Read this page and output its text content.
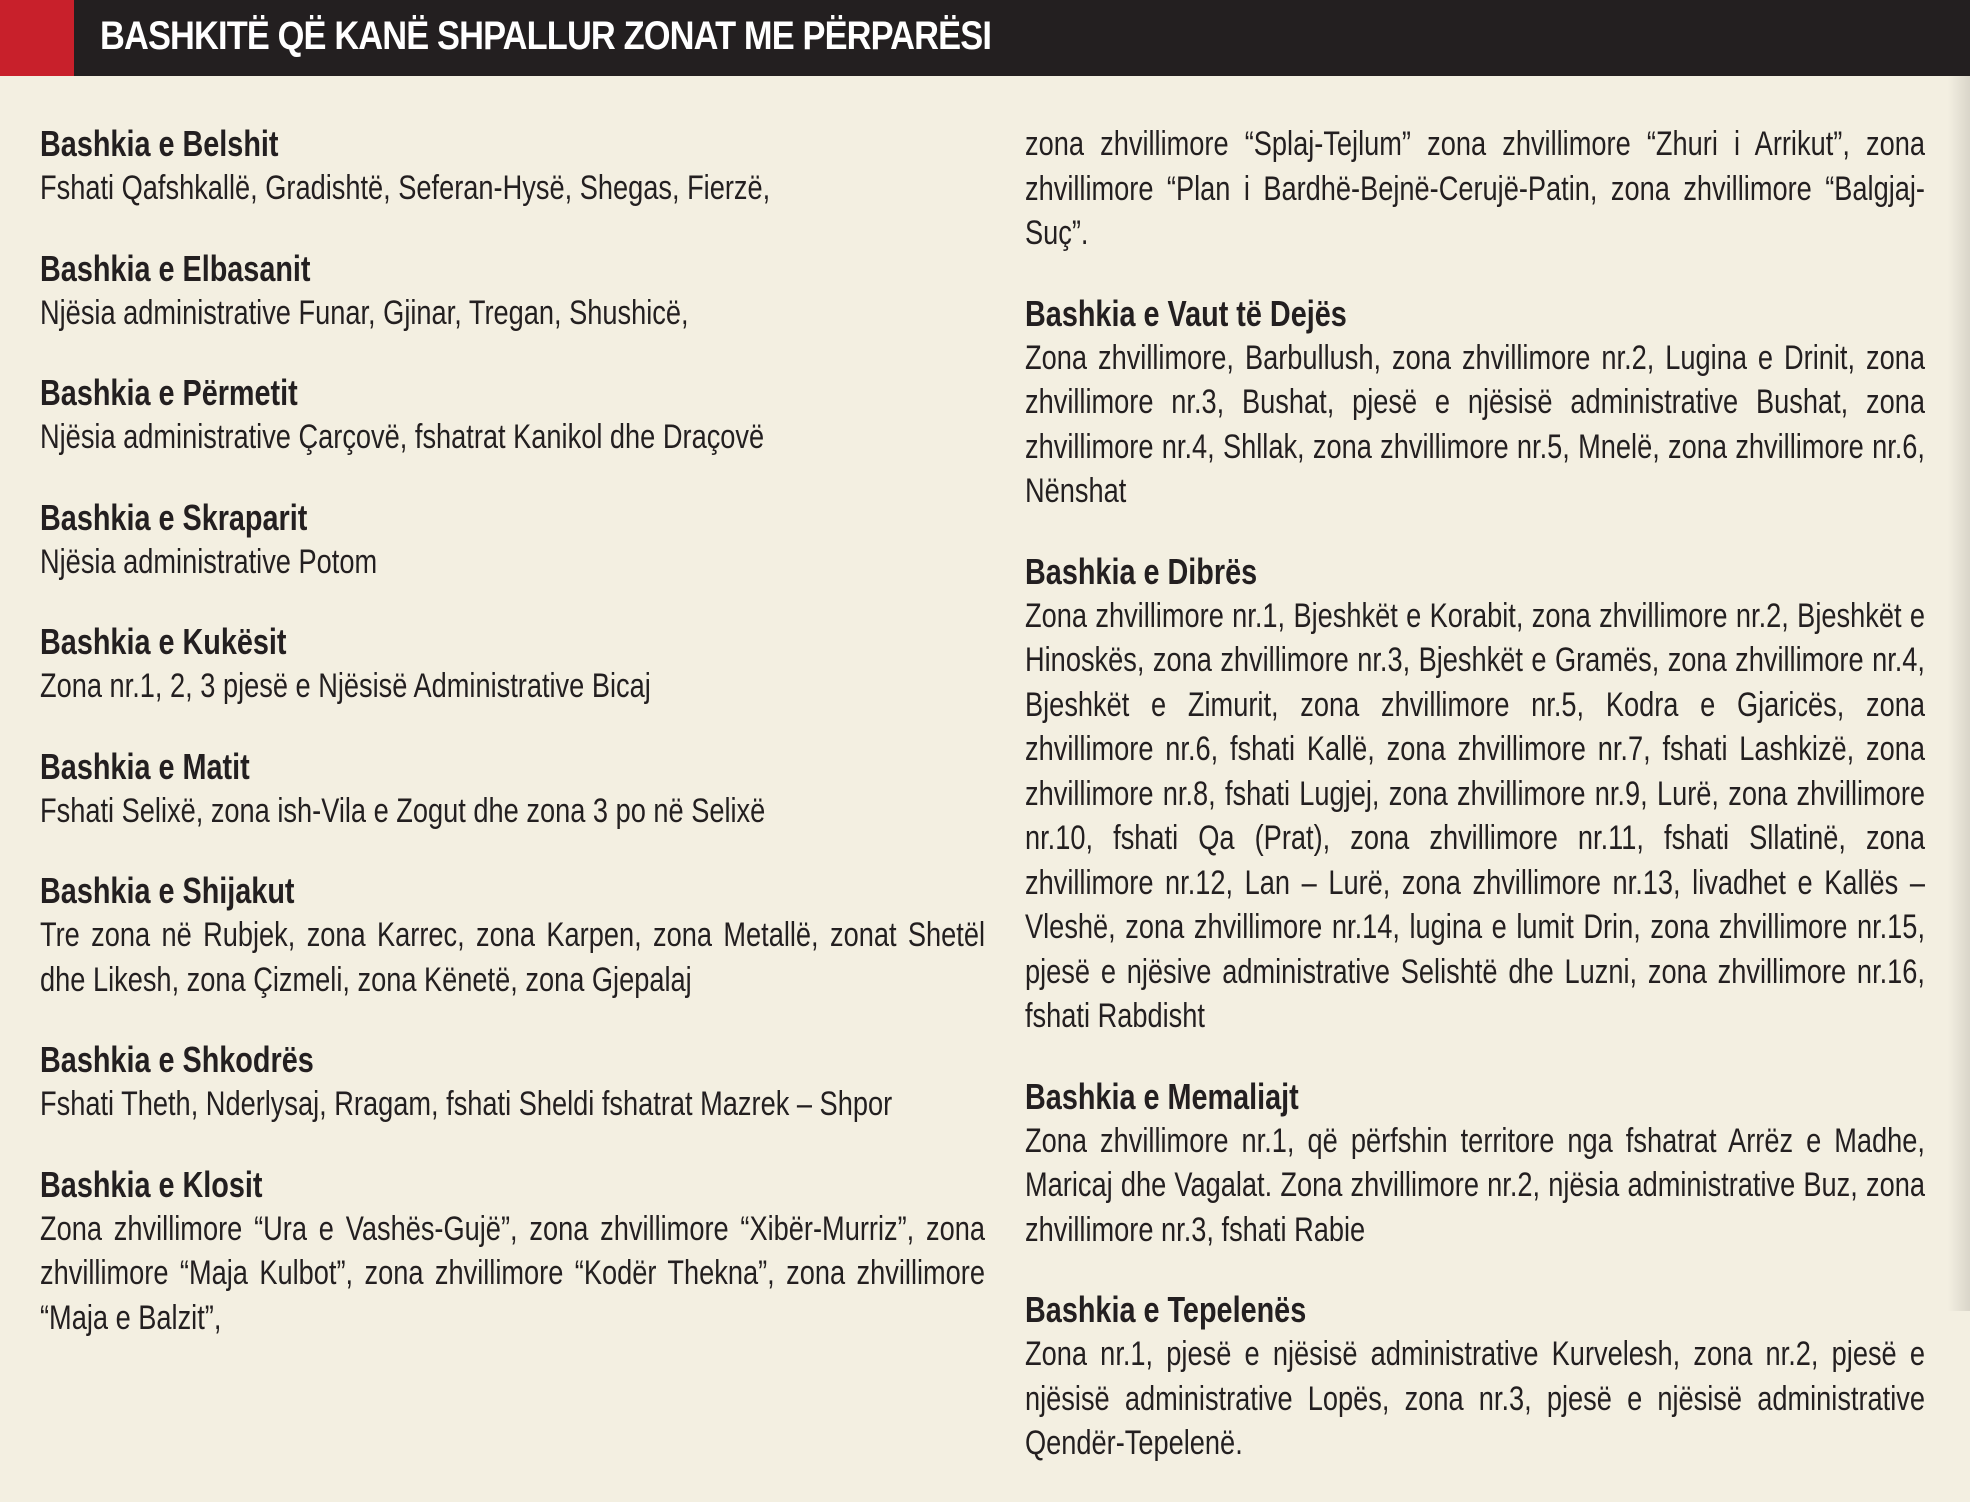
BASHKITË QË KANË SHPALLUR ZONAT ME PËRPARËSI
Bashkia e Belshit

Fshati Qafshkallë, Gradishtë, Seferan-Hysë, Shegas, Fierzë,

Bashkia e Elbasanit

Njësia administrative Funar, Gjinar, Tregan, Shushicë,

Bashkia e Përmetit

Njësia administrative Çarçovë, fshatrat Kanikol dhe Draçovë

Bashkia e Skraparit

Njësia administrative Potom

Bashkia e Kukësit

Zona nr.1, 2, 3 pjesë e Njësisë Administrative Bicaj

Bashkia e Matit

Fshati Selixë, zona ish-Vila e Zogut dhe zona 3 po në Selixë

Bashkia e Shijakut

Tre zona në Rubjek, zona Karrec, zona Karpen, zona Metallë, zonat Shetël dhe Likesh, zona Çizmeli, zona Kënetë, zona Gjepalaj

Bashkia e Shkodrës

Fshati Theth, Nderlysaj, Rragam, fshati Sheldi fshatrat Mazrek – Shpor

Bashkia e Klosit

Zona zhvillimore “Ura e Vashës-Gujë”, zona zhvillimore “Xibër-Murriz”, zona zhvillimore “Maja Kulbot”, zona zhvillimore “Kodër Thekna”, zona zhvillimore “Maja e Balzit”,

zona zhvillimore “Splaj-Tejlum” zona zhvillimore “Zhuri i Arrikut”, zona zhvillimore “Plan i Bardhë-Bejnë-Cerujë-Patin, zona zhvillimore “Balgjaj-Suç”.

Bashkia e Vaut të Dejës

Zona zhvillimore, Barbullush, zona zhvillimore nr.2, Lugina e Drinit, zona zhvillimore nr.3, Bushat, pjesë e njësisë administrative Bushat, zona zhvillimore nr.4, Shllak, zona zhvillimore nr.5, Mnelë, zona zhvillimore nr.6, Nënshat

Bashkia e Dibrës

Zona zhvillimore nr.1, Bjeshkët e Korabit, zona zhvillimore nr.2, Bjeshkët e Hinoskës, zona zhvillimore nr.3, Bjeshkët e Gramës, zona zhvillimore nr.4, Bjeshkët e Zimurit, zona zhvillimore nr.5, Kodra e Gjaricës, zona zhvillimore nr.6, fshati Kallë, zona zhvillimore nr.7, fshati Lashkizë, zona zhvillimore nr.8, fshati Lugjej, zona zhvillimore nr.9, Lurë, zona zhvillimore nr.10, fshati Qa (Prat), zona zhvillimore nr.11, fshati Sllatinë, zona zhvillimore nr.12, Lan – Lurë, zona zhvillimore nr.13, livadhet e Kallës – Vleshë, zona zhvillimore nr.14, lugina e lumit Drin, zona zhvillimore nr.15, pjesë e njësive administrative Selishtë dhe Luzni, zona zhvillimore nr.16, fshati Rabdisht

Bashkia e Memaliajt

Zona zhvillimore nr.1, që përfshin territore nga fshatrat Arrëz e Madhe, Maricaj dhe Vagalat. Zona zhvillimore nr.2, njësia administrative Buz, zona zhvillimore nr.3, fshati Rabie

Bashkia e Tepelenës

Zona nr.1, pjesë e njësisë administrative Kurvelesh, zona nr.2, pjesë e njësisë administrative Lopës, zona nr.3, pjesë e njësisë administrative Qendër-Tepelenë.
